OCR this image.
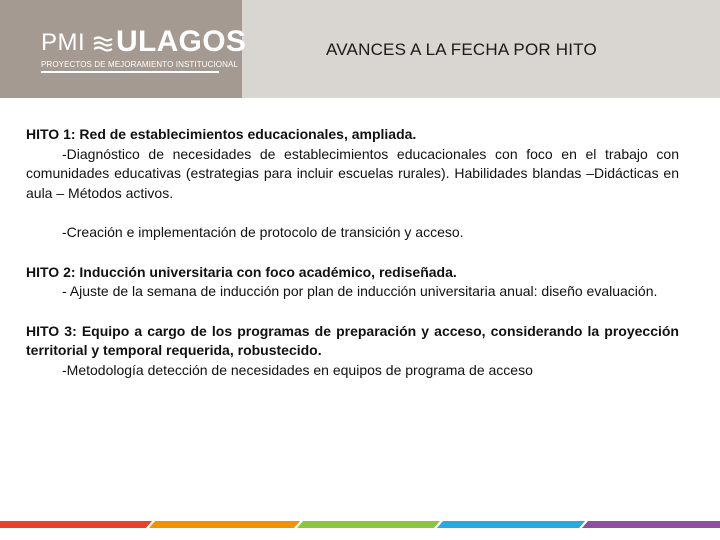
PMI ULAGOS
PROYECTOS DE MEJORAMIENTO INSTITUCIONAL
AVANCES A LA FECHA POR HITO

HITO 1: Red de establecimientos educacionales, ampliada.

-Diagnóstico de necesidades de establecimientos educacionales con foco en el trabajo con comunidades educativas (estrategias para incluir escuelas rurales). Habilidades blandas –Didácticas en aula – Métodos activos.

-Creación e implementación de protocolo de transición y acceso.

HITO 2: Inducción universitaria con foco académico, rediseñada.

- Ajuste de la semana de inducción por plan de inducción universitaria anual: diseño evaluación.

HITO 3: Equipo a cargo de los programas de preparación y acceso, considerando la proyección territorial y temporal requerida, robustecido.

-Metodología detección de necesidades en equipos de programa de acceso
